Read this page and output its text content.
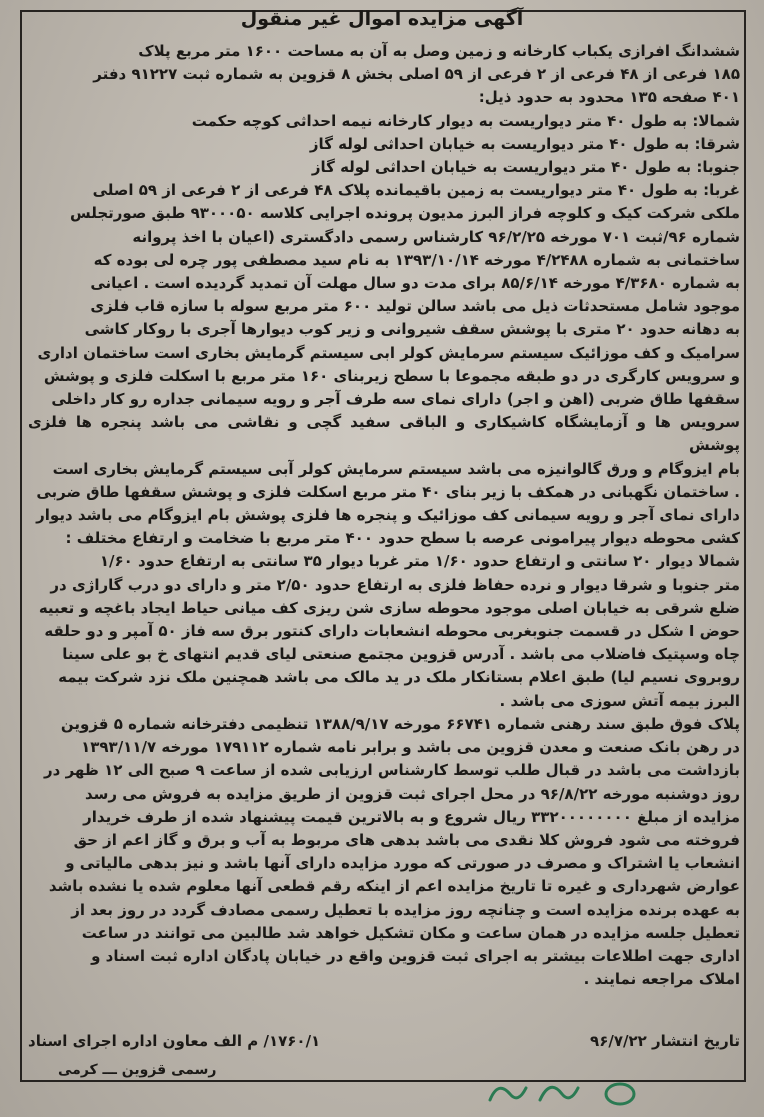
آگهی مزایده اموال غیر منقول
ششدانگ افرازی یکباب کارخانه و زمین وصل به آن به مساحت ۱۶۰۰ متر مربع پلاک
۱۸۵ فرعی از ۴۸ فرعی از ۲ فرعی از ۵۹ اصلی بخش ۸ قزوین به شماره ثبت ۹۱۲۲۷ دفتر
۴۰۱ صفحه ۱۳۵ محدود به حدود ذیل:
شمالا: به طول ۴۰ متر دیواریست به دیوار کارخانه نیمه احداثی کوچه حکمت
شرقا: به طول ۴۰ متر دیواریست به خیابان احداثی لوله گاز
جنوبا: به طول ۴۰ متر دیواریست به خیابان احداثی لوله گاز
غربا: به طول ۴۰ متر دیواریست به زمین باقیمانده پلاک ۴۸ فرعی از ۲ فرعی از ۵۹ اصلی
ملکی شرکت کیک و کلوچه فراز البرز مدیون پرونده اجرایی کلاسه ۹۳۰۰۰۵۰ طبق صورتجلس
شماره ۹۶/ثبت ۷۰۱ مورخه ۹۶/۲/۲۵ کارشناس رسمی دادگستری (اعیان با اخذ پروانه
ساختمانی به شماره ۴/۲۴۸۸ مورخه ۱۳۹۳/۱۰/۱۴ به نام سید مصطفی پور چره لی بوده که
به شماره ۴/۳۶۸۰ مورخه ۸۵/۶/۱۴ برای مدت دو سال مهلت آن تمدید گردیده است . اعیانی
موجود شامل مستحدثات ذیل می باشد سالن تولید ۶۰۰ متر مربع سوله با سازه قاب فلزی
به دهانه حدود ۲۰ متری با پوشش سقف شیروانی و زیر کوب دیوارها آجری با روکار کاشی
سرامیک و کف موزائیک سیستم سرمایش کولر ابی سیستم گرمایش بخاری است ساختمان اداری
و سرویس کارگری در دو طبقه مجموعا با سطح زیربنای ۱۶۰ متر مربع با اسکلت فلزی و پوشش
سقفها طاق ضربی (اهن و اجر) دارای نمای سه طرف آجر و رویه سیمانی جداره رو کار داخلی
سرویس ها و آزمایشگاه کاشیکاری و الباقی سفید گچی و نقاشی می باشد پنجره ها فلزی پوشش
بام ایزوگام و ورق گالوانیزه می باشد سیستم سرمایش کولر آبی سیستم گرمایش بخاری است
. ساختمان نگهبانی در همکف با زیر بنای ۴۰ متر مربع اسکلت فلزی و پوشش سقفها طاق ضربی
دارای نمای آجر و رویه سیمانی کف موزائیک و پنجره ها فلزی پوشش بام ایزوگام می باشد دیوار
کشی محوطه دیوار پیرامونی عرصه با سطح حدود ۴۰۰ متر مربع با ضخامت و ارتفاع مختلف :
شمالا دیوار ۲۰ سانتی و ارتفاع حدود ۱/۶۰ متر غربا دیوار ۳۵ سانتی به ارتفاع حدود ۱/۶۰
متر جنوبا و شرقا دیوار و نرده حفاظ فلزی به ارتفاع حدود ۲/۵۰ متر و دارای دو درب گاراژی در
ضلع شرقی به خیابان اصلی موجود محوطه سازی شن ریزی کف میانی حیاط ایجاد باغچه و تعبیه
حوض I شکل در قسمت جنوبغربی محوطه انشعابات دارای کنتور برق سه فاز ۵۰ آمپر و دو حلقه
چاه وسپتیک فاضلاب می باشد . آدرس قزوین مجتمع صنعتی لیای قدیم انتهای خ بو علی سینا
روبروی نسیم لیا) طبق اعلام بستانکار ملک در ید مالک می باشد همچنین ملک نزد شرکت بیمه
البرز بیمه آتش سوزی می باشد .
پلاک فوق طبق سند رهنی شماره ۶۶۷۴۱ مورخه ۱۳۸۸/۹/۱۷ تنظیمی دفترخانه شماره ۵ قزوین
در رهن بانک صنعت و معدن قزوین می باشد و برابر نامه شماره ۱۷۹۱۱۲ مورخه ۱۳۹۳/۱۱/۷
بازداشت می باشد در قبال طلب توسط کارشناس ارزیابی شده از ساعت ۹ صبح الی ۱۲ ظهر در
روز دوشنبه مورخه ۹۶/۸/۲۲ در محل اجرای ثبت قزوین از طریق مزایده به فروش می رسد
مزایده از مبلغ ۳۳۲۰۰۰۰۰۰۰۰ ریال شروع و به بالاترین قیمت پیشنهاد شده از طرف خریدار
فروخته می شود فروش کلا نقدی می باشد بدهی های مربوط به آب و برق و گاز اعم از حق
انشعاب یا اشتراک و مصرف در صورتی که مورد مزایده دارای آنها باشد و نیز بدهی مالیاتی و
عوارض شهرداری و غیره تا تاریخ مزایده اعم از اینکه رقم قطعی آنها معلوم شده یا نشده باشد
به عهده برنده مزایده است و چنانچه روز مزایده با تعطیل رسمی مصادف گردد در روز بعد از
تعطیل جلسه مزایده در همان ساعت و مکان تشکیل خواهد شد طالبین می توانند در ساعت
اداری جهت اطلاعات بیشتر به اجرای ثبت قزوین واقع در خیابان پادگان اداره ثبت اسناد و
املاک مراجعه نمایند .
تاریخ انتشار ۹۶/۷/۲۲
۱۷۶۰/۱/ م الف معاون اداره اجرای اسناد
رسمی قزوین ـــ کرمی
